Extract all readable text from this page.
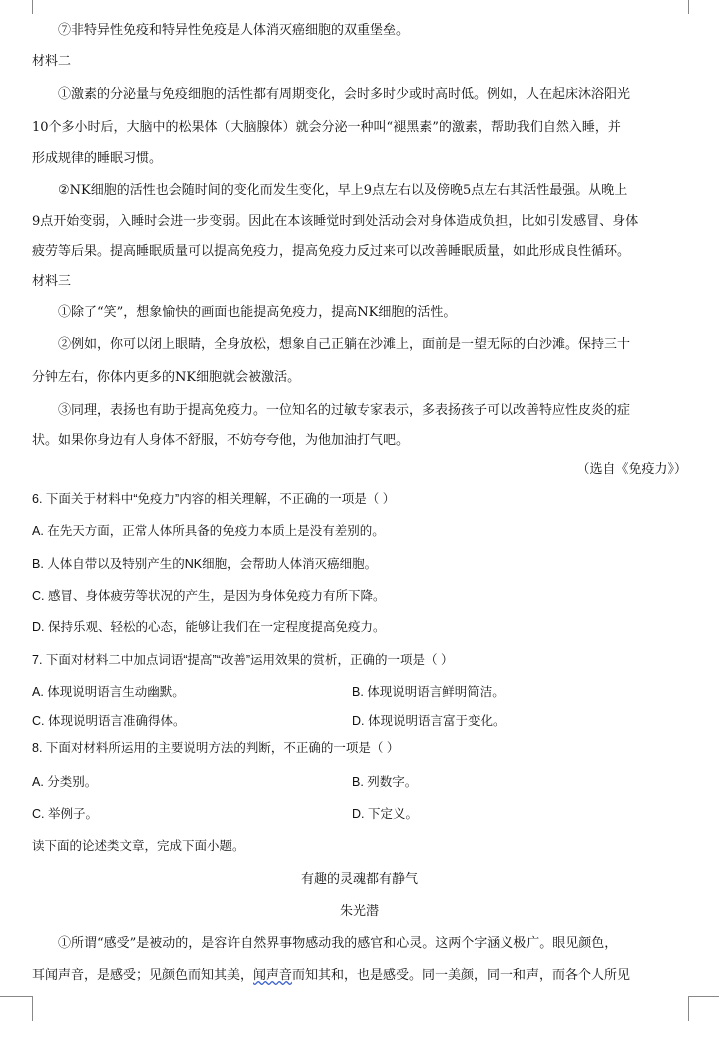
⑦非特异性免疫和特异性免疫是人体消灭癌细胞的双重堡垒。
材料二
①激素的分泌量与免疫细胞的活性都有周期变化，会时多时少或时高时低。例如，人在起床沐浴阳光
10个多小时后，大脑中的松果体（大脑腺体）就会分泌一种叫“褪黑素”的激素，帮助我们自然入睡，并
形成规律的睡眠习惯。
②NK细胞的活性也会随时间的变化而发生变化，早上9点左右以及傍晚5点左右其活性最强。从晚上
9点开始变弱，入睡时会进一步变弱。因此在本该睡觉时到处活动会对身体造成负担，比如引发感冒、身体
疲劳等后果。提高睡眠质量可以提高免疫力，提高免疫力反过来可以改善睡眠质量，如此形成良性循环。
材料三
①除了“笑”，想象愉快的画面也能提高免疫力，提高NK细胞的活性。
②例如，你可以闭上眼睛，全身放松，想象自己正躺在沙滩上，面前是一望无际的白沙滩。保持三十
分钟左右，你体内更多的NK细胞就会被激活。
③同理，表扬也有助于提高免疫力。一位知名的过敏专家表示，多表扬孩子可以改善特应性皮炎的症
状。如果你身边有人身体不舒服，不妨夸夸他，为他加油打气吧。
（选自《免疫力》）
6. 下面关于材料中“免疫力”内容的相关理解，不正确的一项是（ ）
A. 在先天方面，正常人体所具备的免疫力本质上是没有差别的。
B. 人体自带以及特别产生的NK细胞，会帮助人体消灭癌细胞。
C. 感冒、身体疲劳等状况的产生，是因为身体免疫力有所下降。
D. 保持乐观、轻松的心态，能够让我们在一定程度提高免疫力。
7. 下面对材料二中加点词语“提高”“改善”运用效果的赏析，正确的一项是（ ）
A. 体现说明语言生动幽默。	B. 体现说明语言鲜明简洁。
C. 体现说明语言准确得体。	D. 体现说明语言富于变化。
8. 下面对材料所运用的主要说明方法的判断，不正确的一项是（ ）
A. 分类别。	B. 列数字。
C. 举例子。	D. 下定义。
读下面的论述类文章，完成下面小题。
有趣的灵魂都有静气
朱光潜
①所谓“感受”是被动的，是容许自然界事物感动我的感官和心灵。这两个字涵义极广。眼见颜色，
耳闻声音，是感受；见颜色而知其美，闻声音而知其和，也是感受。同一美颜，同一和声，而各个人所见
